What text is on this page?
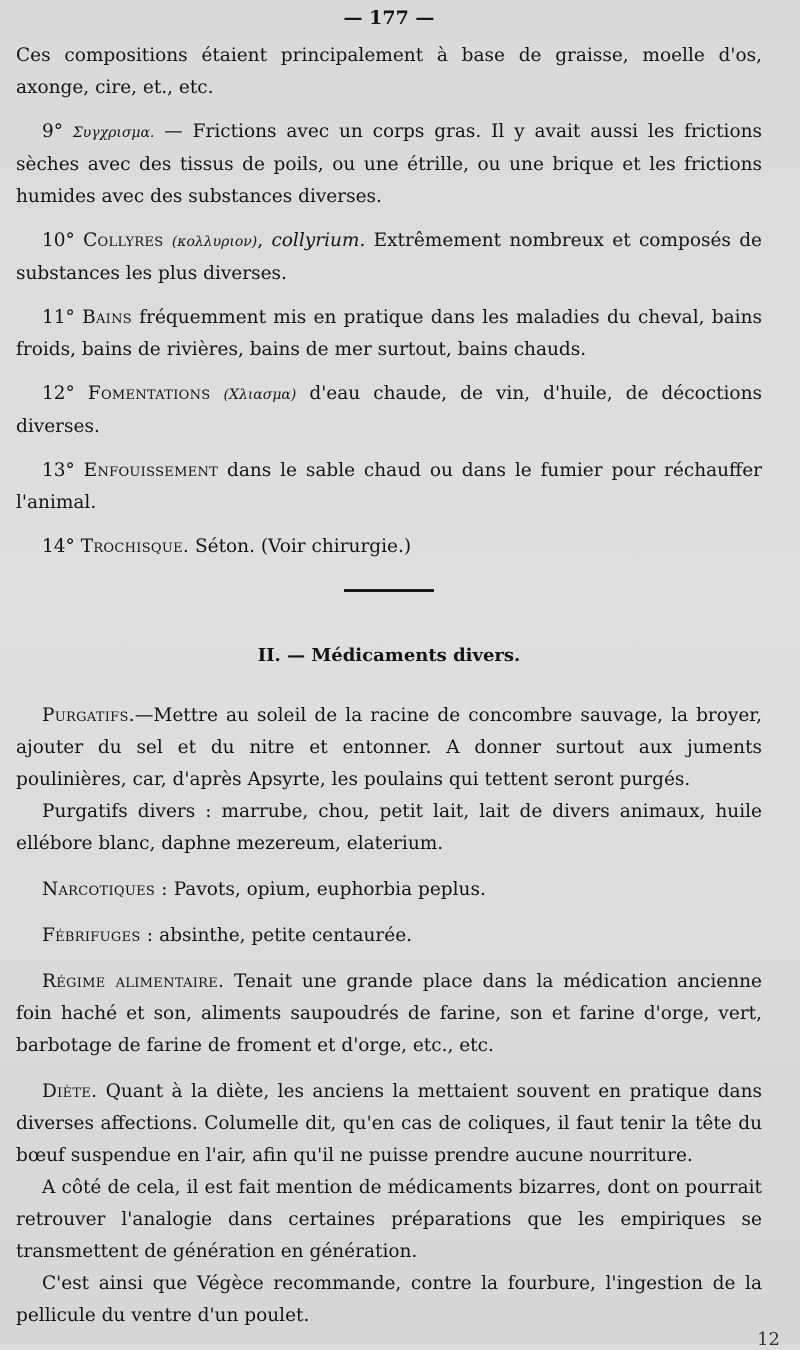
— 177 —

Ces compositions étaient principalement à base de graisse, moelle d'os, axonge, cire, et., etc.

9° Συγχρισμα. — Frictions avec un corps gras. Il y avait aussi les frictions sèches avec des tissus de poils, ou une étrille, ou une brique et les frictions humides avec des substances diverses.

10° Collyres (κολλυριον), collyrium. Extrêmement nombreux et composés de substances les plus diverses.

11° Bains fréquemment mis en pratique dans les maladies du cheval, bains froids, bains de rivières, bains de mer surtout, bains chauds.

12° Fomentations (Χλιασμα) d'eau chaude, de vin, d'huile, de décoctions diverses.

13° Enfouissement dans le sable chaud ou dans le fumier pour réchauffer l'animal.

14° Trochisque. Séton. (Voir chirurgie.)

II. — Médicaments divers.

Purgatifs.—Mettre au soleil de la racine de concombre sauvage, la broyer, ajouter du sel et du nitre et entonner. A donner surtout aux juments poulinières, car, d'après Apsyrte, les poulains qui tettent seront purgés.

Purgatifs divers : marrube, chou, petit lait, lait de divers animaux, huile ellébore blanc, daphne mezereum, elaterium.

Narcotiques : Pavots, opium, euphorbia peplus.

Fébrifuges : absinthe, petite centaurée.

Régime alimentaire. Tenait une grande place dans la médication ancienne foin haché et son, aliments saupoudrés de farine, son et farine d'orge, vert, barbotage de farine de froment et d'orge, etc., etc.

Diète. Quant à la diète, les anciens la mettaient souvent en pratique dans diverses affections. Columelle dit, qu'en cas de coliques, il faut tenir la tête du bœuf suspendue en l'air, afin qu'il ne puisse prendre aucune nourriture.

A côté de cela, il est fait mention de médicaments bizarres, dont on pourrait retrouver l'analogie dans certaines préparations que les empiriques se transmettent de génération en génération.

C'est ainsi que Végèce recommande, contre la fourbure, l'ingestion de la pellicule du ventre d'un poulet.

12
